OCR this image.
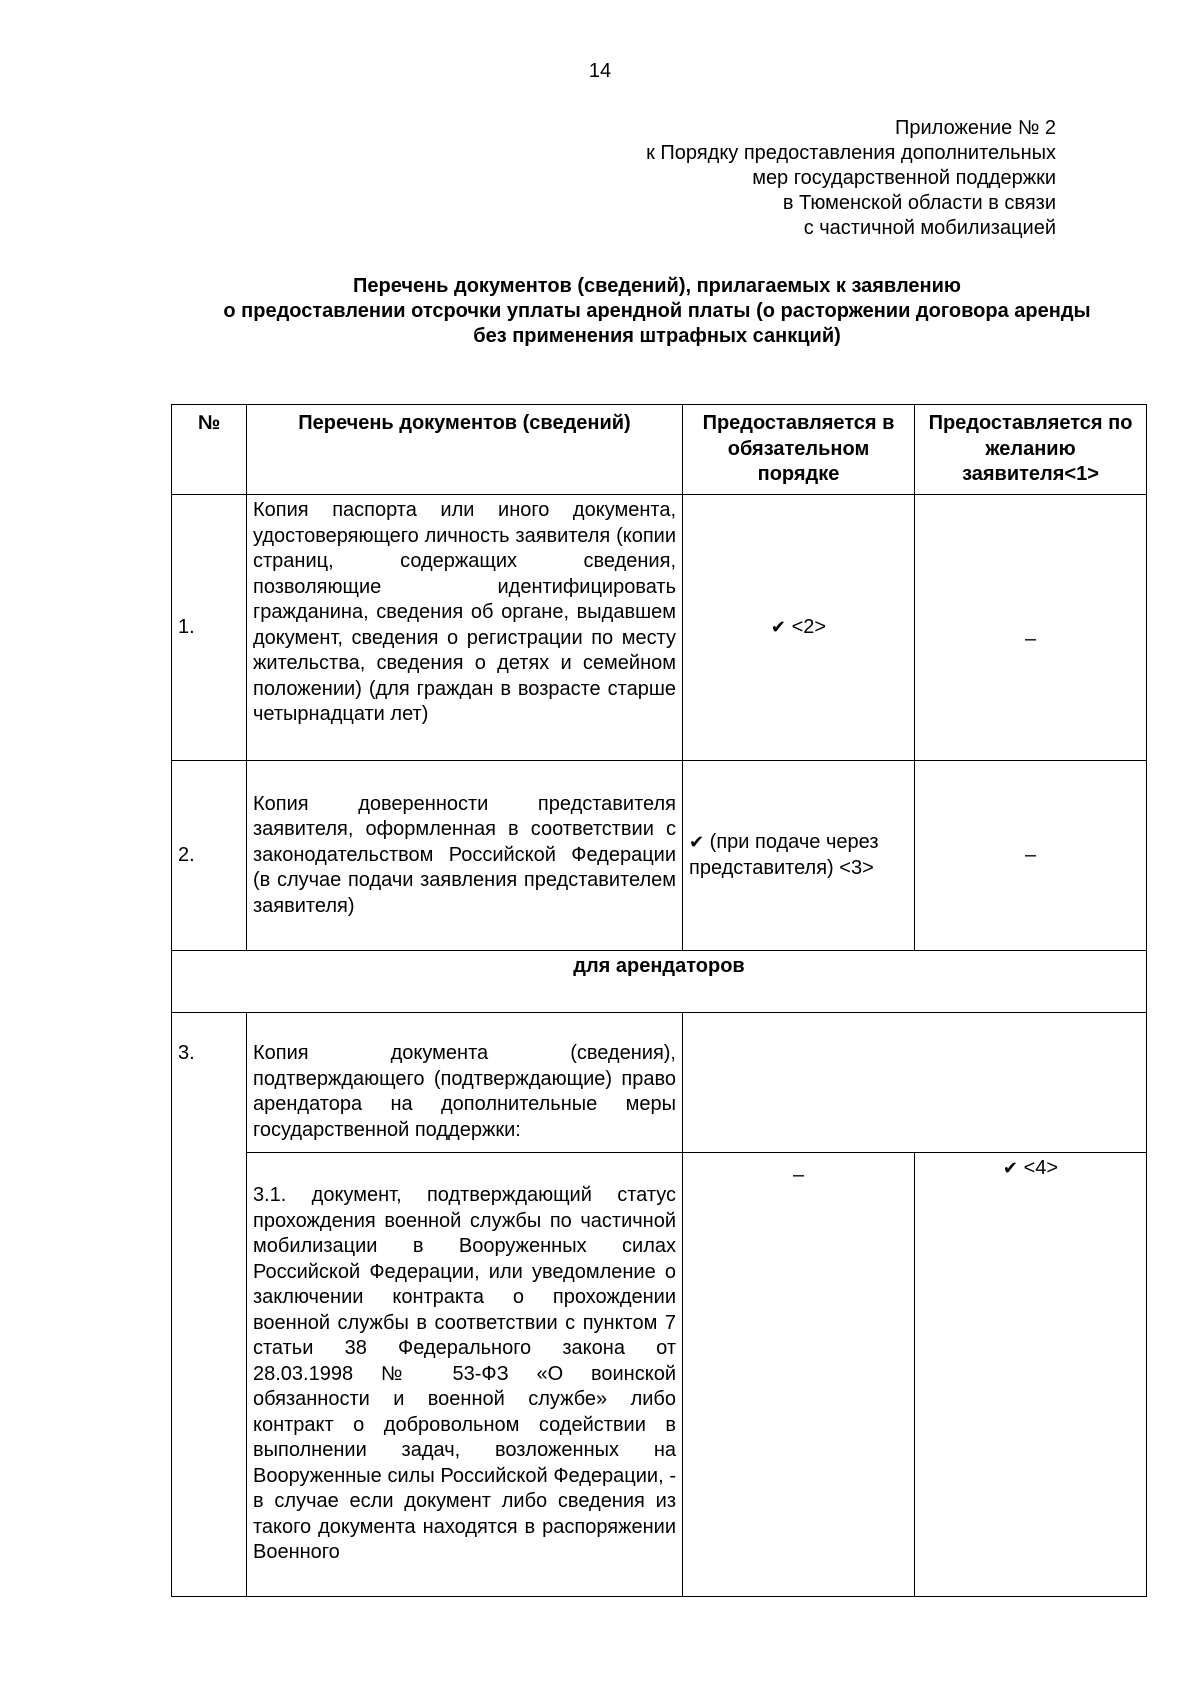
14
Приложение № 2
к Порядку предоставления дополнительных
мер государственной поддержки
в Тюменской области в связи
с частичной мобилизацией
Перечень документов (сведений), прилагаемых к заявлению
о предоставлении отсрочки уплаты арендной платы (о расторжении договора аренды
без применения штрафных санкций)
№	Перечень документов (сведений)	Предоставляется в обязательном порядке	Предоставляется по желанию заявителя<1>
1.	Копия паспорта или иного документа, удостоверяющего личность заявителя (копии страниц, содержащих сведения, позволяющие идентифицировать гражданина, сведения об органе, выдавшем документ, сведения о регистрации по месту жительства, сведения о детях и семейном положении) (для граждан в возрасте старше четырнадцати лет)	✔ <2>	–
2.	Копия доверенности представителя заявителя, оформленная в соответствии с законодательством Российской Федерации (в случае подачи заявления представителем заявителя)	✔ (при подаче через представителя) <3>	–
для арендаторов			
3.	Копия документа (сведения), подтверждающего (подтверждающие) право арендатора на дополнительные меры государственной поддержки:		
	3.1. документ, подтверждающий статус прохождения военной службы по частичной мобилизации в Вооруженных силах Российской Федерации, или уведомление о заключении контракта о прохождении военной службы в соответствии с пунктом 7 статьи 38 Федерального закона от 28.03.1998 № 53-ФЗ «О воинской обязанности и военной службе» либо контракт о добровольном содействии в выполнении задач, возложенных на Вооруженные силы Российской Федерации, - в случае если документ либо сведения из такого документа находятся в распоряжении Военного	–	✔ <4>
